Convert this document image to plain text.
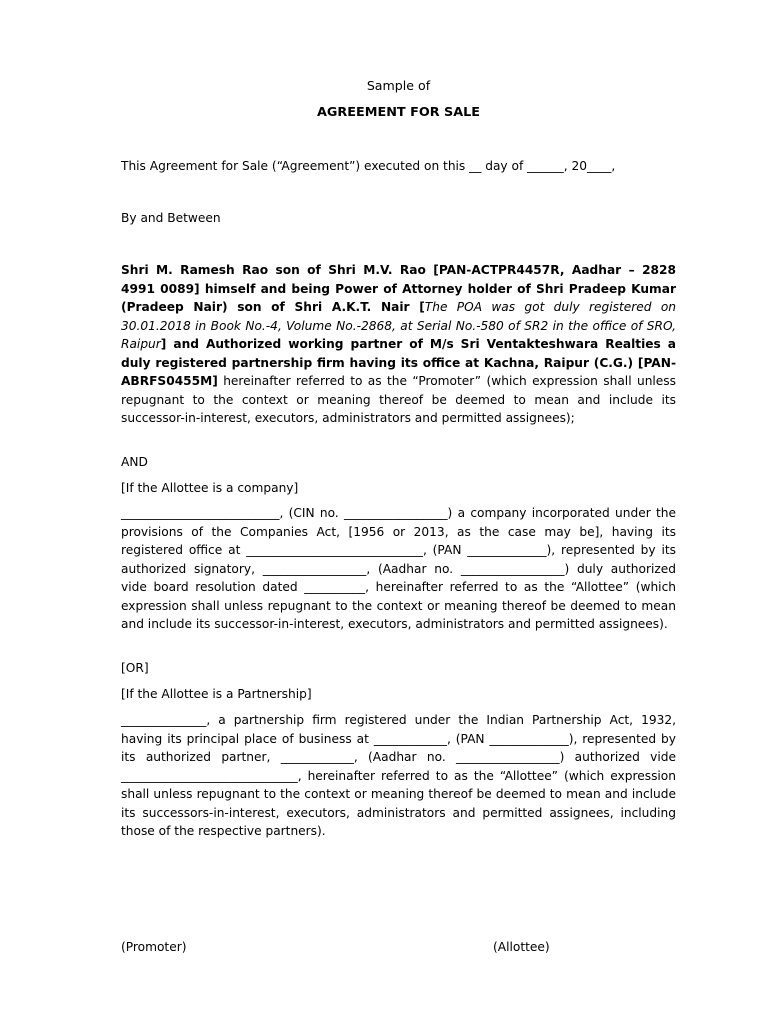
Sample of
AGREEMENT FOR SALE

This Agreement for Sale (“Agreement”) executed on this __ day of ______, 20____,

By and Between

Shri M. Ramesh Rao son of Shri M.V. Rao [PAN-ACTPR4457R, Aadhar – 2828 4991 0089] himself and being Power of Attorney holder of Shri Pradeep Kumar (Pradeep Nair) son of Shri A.K.T. Nair [The POA was got duly registered on 30.01.2018 in Book No.-4, Volume No.-2868, at Serial No.-580 of SR2 in the office of SRO, Raipur] and Authorized working partner of M/s Sri Ventakteshwara Realties a duly registered partnership firm having its office at Kachna, Raipur (C.G.) [PAN-ABRFS0455M] hereinafter referred to as the “Promoter” (which expression shall unless repugnant to the context or meaning thereof be deemed to mean and include its successor-in-interest, executors, administrators and permitted assignees);

AND

[If the Allottee is a company]

__________________________, (CIN no. _________________) a company incorporated under the provisions of the Companies Act, [1956 or 2013, as the case may be], having its registered office at _____________________________, (PAN _____________), represented by its authorized signatory, _________________, (Aadhar no. _________________) duly authorized vide board resolution dated __________, hereinafter referred to as the “Allottee” (which expression shall unless repugnant to the context or meaning thereof be deemed to mean and include its successor-in-interest, executors, administrators and permitted assignees).

[OR]

[If the Allottee is a Partnership]

______________, a partnership firm registered under the Indian Partnership Act, 1932, having its principal place of business at ____________, (PAN _____________), represented by its authorized partner, ____________, (Aadhar no. _________________) authorized vide _____________________________, hereinafter referred to as the “Allottee” (which expression shall unless repugnant to the context or meaning thereof be deemed to mean and include its successors-in-interest, executors, administrators and permitted assignees, including those of the respective partners).

(Promoter)	(Allottee)
